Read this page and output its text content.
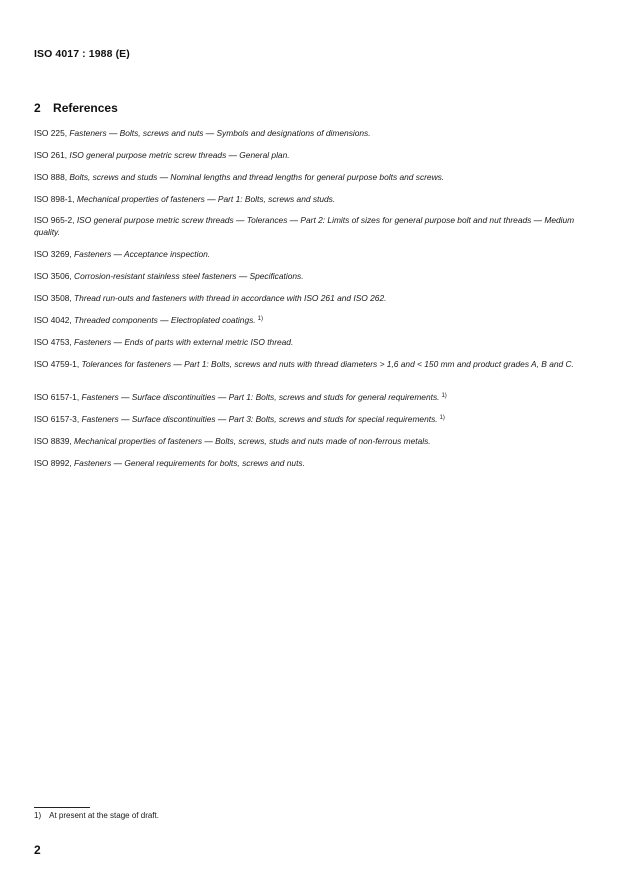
ISO 4017 : 1988 (E)
2 References
ISO 225, Fasteners — Bolts, screws and nuts — Symbols and designations of dimensions.
ISO 261, ISO general purpose metric screw threads — General plan.
ISO 888, Bolts, screws and studs — Nominal lengths and thread lengths for general purpose bolts and screws.
ISO 898-1, Mechanical properties of fasteners — Part 1: Bolts, screws and studs.
ISO 965-2, ISO general purpose metric screw threads — Tolerances — Part 2: Limits of sizes for general purpose bolt and nut threads — Medium quality.
ISO 3269, Fasteners — Acceptance inspection.
ISO 3506, Corrosion-resistant stainless steel fasteners — Specifications.
ISO 3508, Thread run-outs and fasteners with thread in accordance with ISO 261 and ISO 262.
ISO 4042, Threaded components — Electroplated coatings. $^{1)}$
ISO 4753, Fasteners — Ends of parts with external metric ISO thread.
ISO 4759-1, Tolerances for fasteners — Part 1: Bolts, screws and nuts with thread diameters > 1,6 and < 150 mm and product grades A, B and C.
ISO 6157-1, Fasteners — Surface discontinuities — Part 1: Bolts, screws and studs for general requirements. $^{1)}$
ISO 6157-3, Fasteners — Surface discontinuities — Part 3: Bolts, screws and studs for special requirements. $^{1)}$
ISO 8839, Mechanical properties of fasteners — Bolts, screws, studs and nuts made of non-ferrous metals.
ISO 8992, Fasteners — General requirements for bolts, screws and nuts.
1) At present at the stage of draft.
2
